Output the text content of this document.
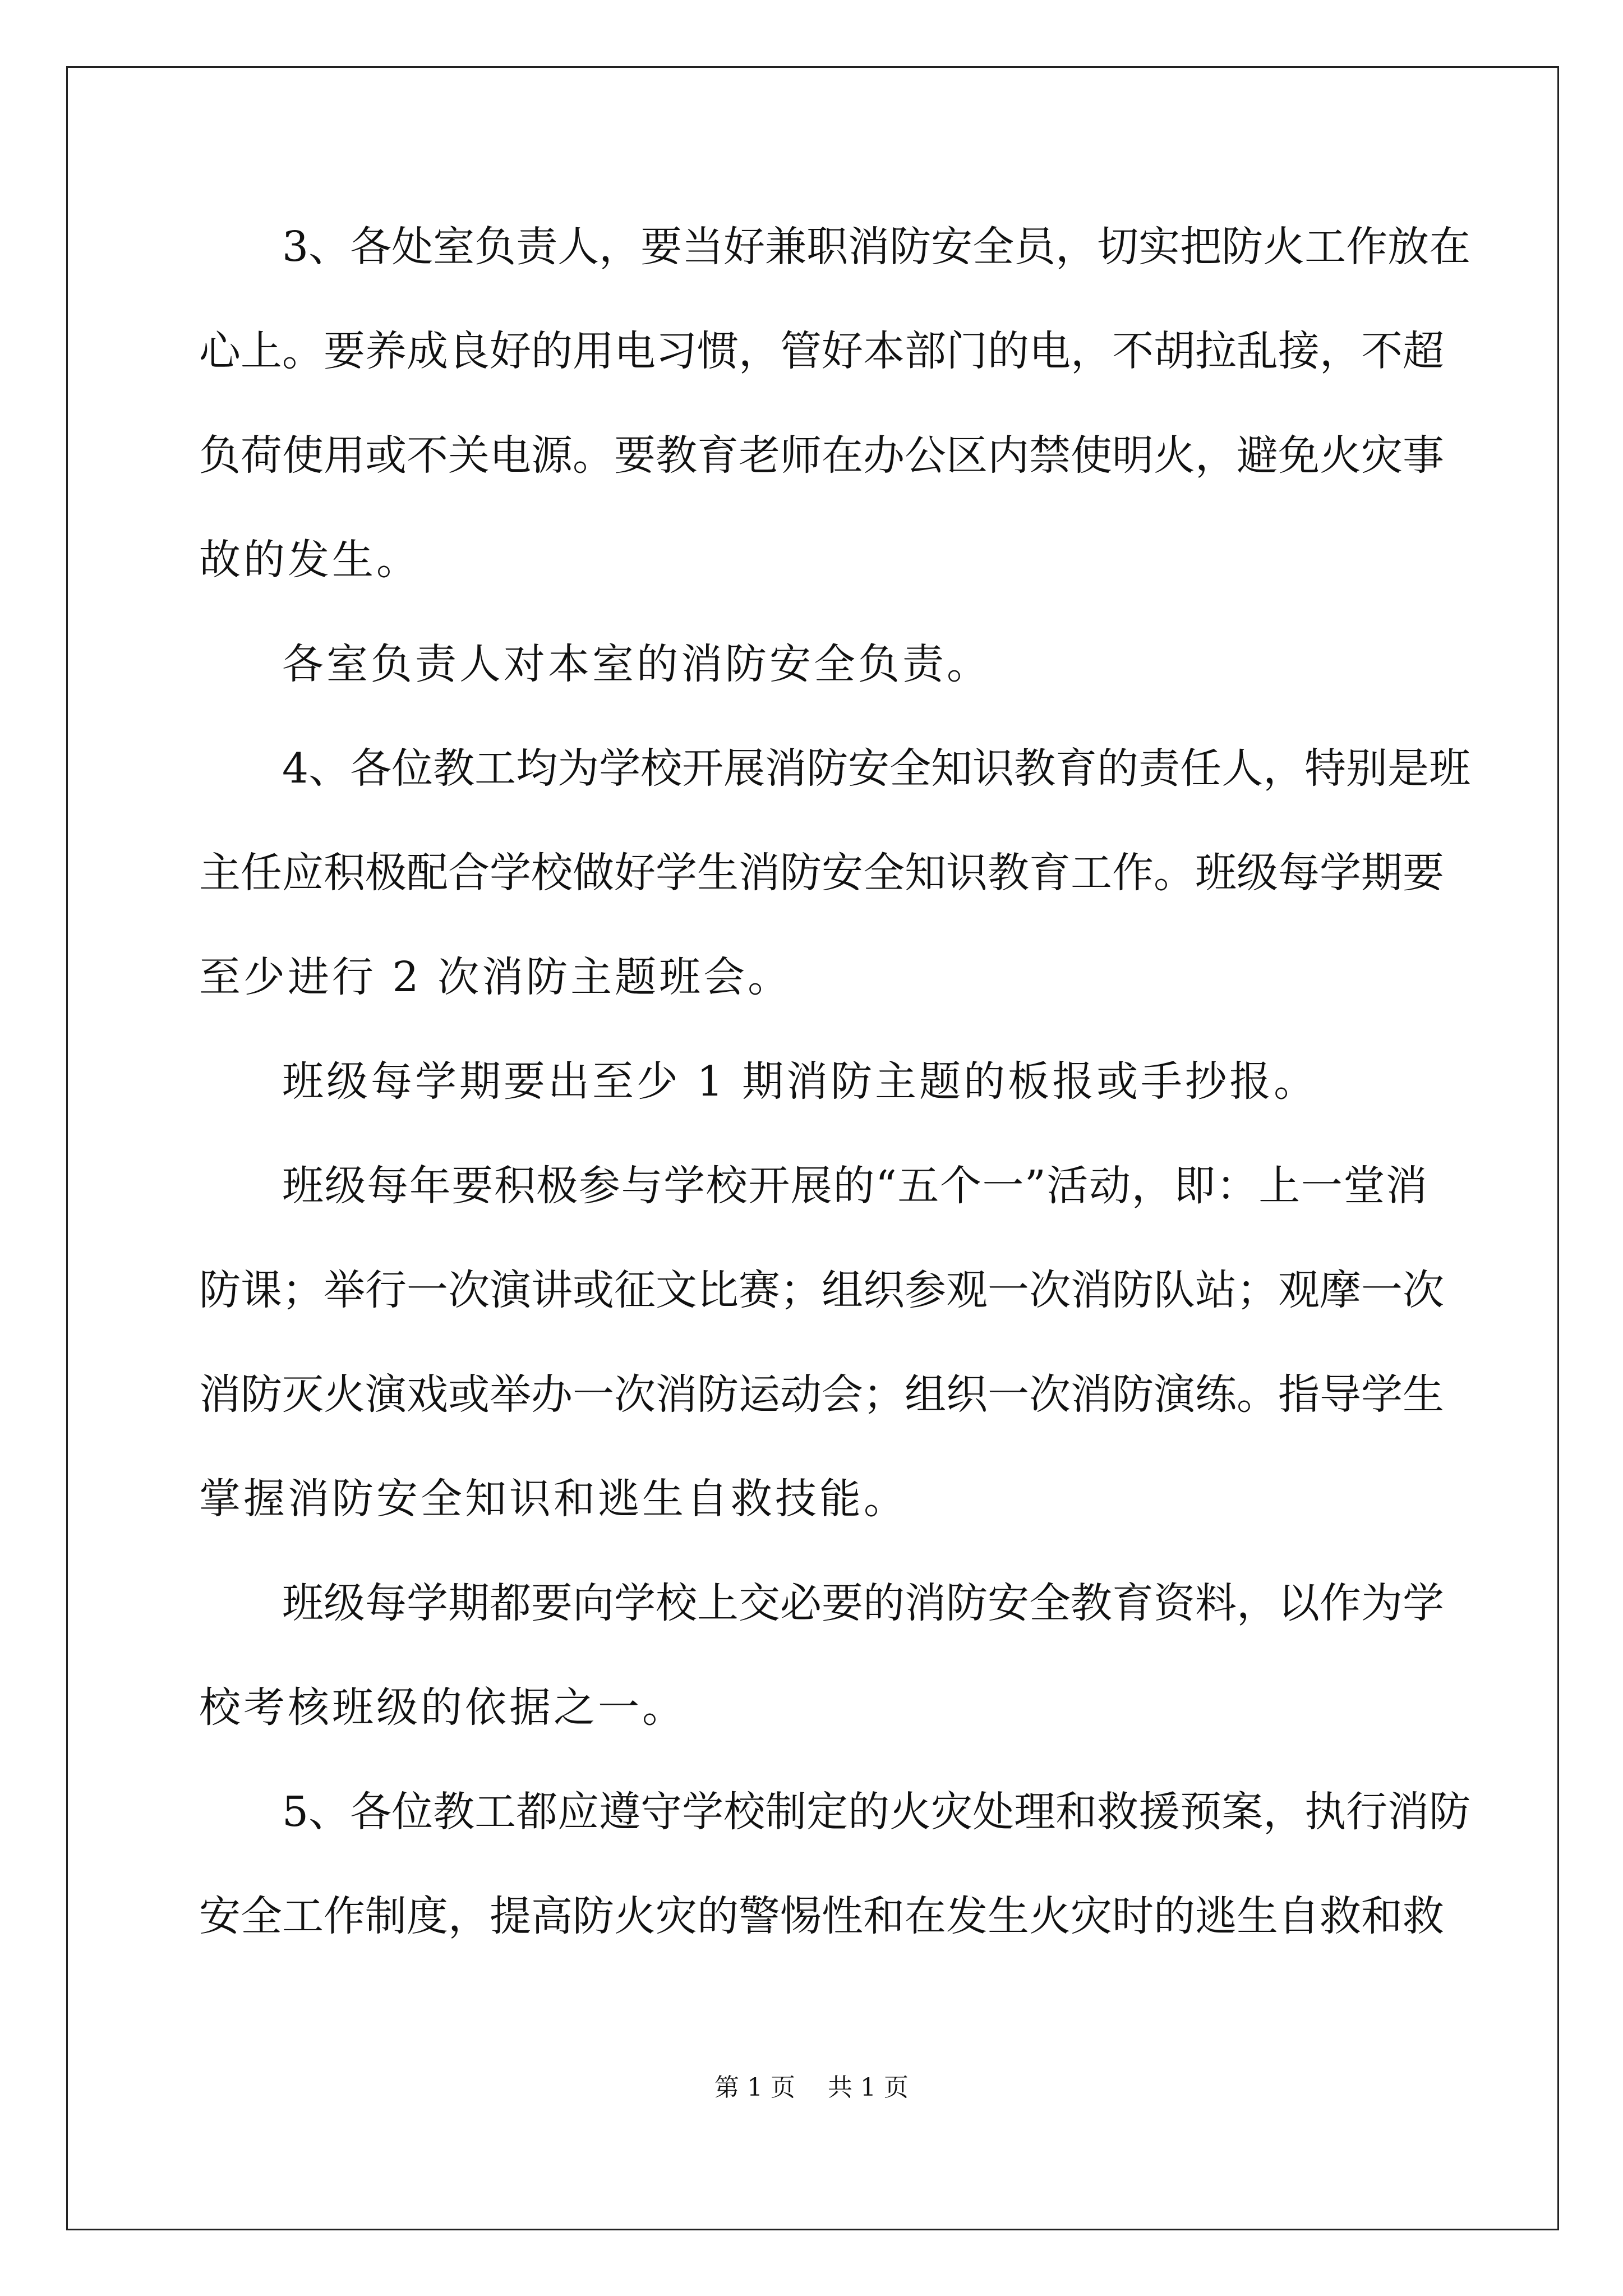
3、各处室负责人，要当好兼职消防安全员，切实把防火工作放在
心上。要养成良好的用电习惯，管好本部门的电，不胡拉乱接，不超
负荷使用或不关电源。要教育老师在办公区内禁使明火，避免火灾事
故的发生。
各室负责人对本室的消防安全负责。
4、各位教工均为学校开展消防安全知识教育的责任人，特别是班
主任应积极配合学校做好学生消防安全知识教育工作。班级每学期要
至少进行 2 次消防主题班会。
班级每学期要出至少 1 期消防主题的板报或手抄报。
班级每年要积极参与学校开展的“五个一”活动，即：上一堂消
防课；举行一次演讲或征文比赛；组织参观一次消防队站；观摩一次
消防灭火演戏或举办一次消防运动会；组织一次消防演练。指导学生
掌握消防安全知识和逃生自救技能。
班级每学期都要向学校上交必要的消防安全教育资料，以作为学
校考核班级的依据之一。
5、各位教工都应遵守学校制定的火灾处理和救援预案，执行消防
安全工作制度，提高防火灾的警惕性和在发生火灾时的逃生自救和救
第 1 页 共 1 页
